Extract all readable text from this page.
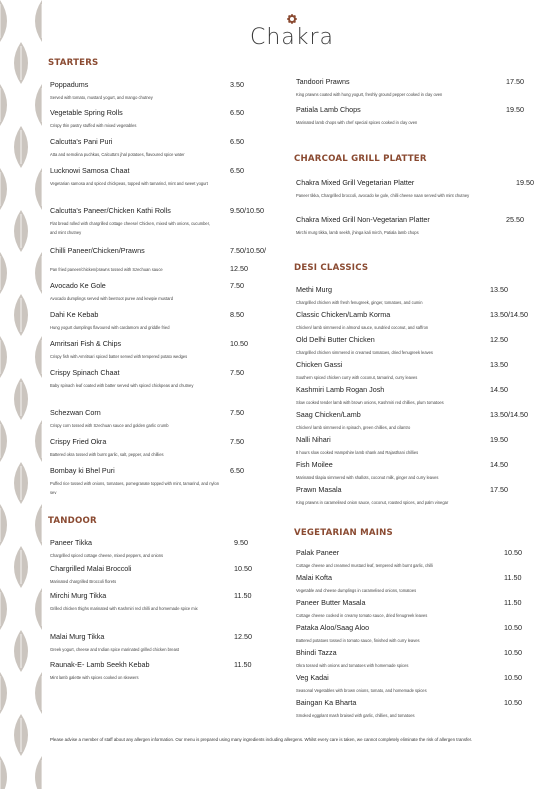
Chakra
STARTERS
Poppadums	3.50
Served with tomato, mustard yogurt, and mango chutney
Vegetable Spring Rolls	6.50
Crispy thin pastry stuffed with mixed vegetables
Calcutta's Pani Puri	6.50
Atta and semolina puchkas, Calcutta's jhal potatoes, flavoured spice water
Lucknowi Samosa Chaat	6.50
Vegetarian samosa and spiced chickpeas, topped with tamarind, mint and sweet yogurt
Calcutta's Paneer/Chicken Kathi Rolls	9.50/10.50
Flat bread rolled with chargrilled cottage cheese/ Chicken, mixed with onions, cucumber, and mint chutney
Chilli Paneer/Chicken/Prawns	7.50/10.50/ 12.50
Pan fried paneer/chicken/prawns tossed with Szechuan sauce
Avocado Ke Gole	7.50
Avocado dumplings served with beetroot puree and kewpie mustard
Dahi Ke Kebab	8.50
Hung yogurt dumplings flavoured with cardamom and griddle fried
Amritsari Fish & Chips	10.50
Crispy fish with Amritsari spiced batter served with tempered potato wedges
Crispy Spinach Chaat	7.50
Baby spinach leaf coated with batter served with spiced chickpeas and chutney
Schezwan Corn	7.50
Crispy corn tossed with Szechuan sauce and golden garlic crumb
Crispy Fried Okra	7.50
Battered okra tossed with burnt garlic, salt, pepper, and chillies
Bombay ki Bhel Puri	6.50
Puffed rice tossed with onions, tomatoes, pomegranate topped with mint, tamarind, and nylon sev
TANDOOR
Paneer Tikka	9.50
Chargrilled spiced cottage cheese, mixed peppers, and onions
Chargrilled Malai Broccoli	10.50
Marinated chargrilled Broccoli florets
Mirchi Murg Tikka	11.50
Grilled chicken thighs marinated with Kashmiri red chilli and homemade spice mix
Malai Murg Tikka	12.50
Greek yogurt, cheese and Indian spice marinated grilled chicken breast
Raunak-E- Lamb Seekh Kebab	11.50
Mint lamb galette with spices cooked on skewers
Tandoori Prawns	17.50
King prawns coated with hung yogurt, freshly ground pepper cooked in clay oven
Patiala Lamb Chops	19.50
Marinated lamb chops with chef special spices cooked in clay oven
CHARCOAL GRILL PLATTER
Chakra Mixed Grill Vegetarian Platter	19.50
Paneer tikka, Chargrilled broccoli, avocado ke gole, chilli cheese naan served with mint chutney
Chakra Mixed Grill Non-Vegetarian Platter	25.50
Mirchi murg tikka, lamb seekh, jhinga kali mirch, Patiala lamb chops
DESI CLASSICS
Methi Murg	13.50
Chargrilled chicken with fresh fenugreek, ginger, tomatoes, and cumin
Classic Chicken/Lamb Korma	13.50/14.50
Chicken/ lamb simmered in almond sauce, sundried coconut, and saffron
Old Delhi Butter Chicken	12.50
Chargrilled chicken simmered in creamed tomatoes, dried fenugreek leaves
Chicken Gassi	13.50
Southern spiced chicken curry with coconut, tamarind, curry leaves
Kashmiri Lamb Rogan Josh	14.50
Slow cooked tender lamb with brown onions, Kashmiri red chillies, plum tomatoes
Saag Chicken/Lamb	13.50/14.50
Chicken/ lamb simmered in spinach, green chillies, and cilantro
Nalli Nihari	19.50
8 hours slow cooked Hampshire lamb shank and Rajasthani chillies
Fish Moilee	14.50
Marinated tilapia simmered with shallots, coconut milk, ginger and curry leaves
Prawn Masala	17.50
King prawns in caramelised onion sauce, coconut, roasted spices, and palm vinegar
VEGETARIAN MAINS
Palak Paneer	10.50
Cottage cheese and creamed mustard leaf, tempered with burnt garlic, chilli
Malai Kofta	11.50
Vegetable and cheese dumplings in caramelised onions, tomatoes
Paneer Butter Masala	11.50
Cottage cheese cooked in creamy tomato sauce, dried fenugreek leaves
Pataka Aloo/Saag Aloo	10.50
Battered potatoes tossed in tomato sauce, finished with curry leaves
Bhindi Tazza	10.50
Okra tossed with onions and tomatoes with homemade spices
Veg Kadai	10.50
Seasonal Vegetables with brown onions, tomato, and homemade spices
Baingan Ka Bharta	10.50
Smoked eggplant mash braised with garlic, chillies, and tomatoes
Please advise a member of staff about any allergen information. Our menu is prepared using many ingredients including allergens. Whilst every care is taken, we cannot completely eliminate the risk of allergen transfer.
